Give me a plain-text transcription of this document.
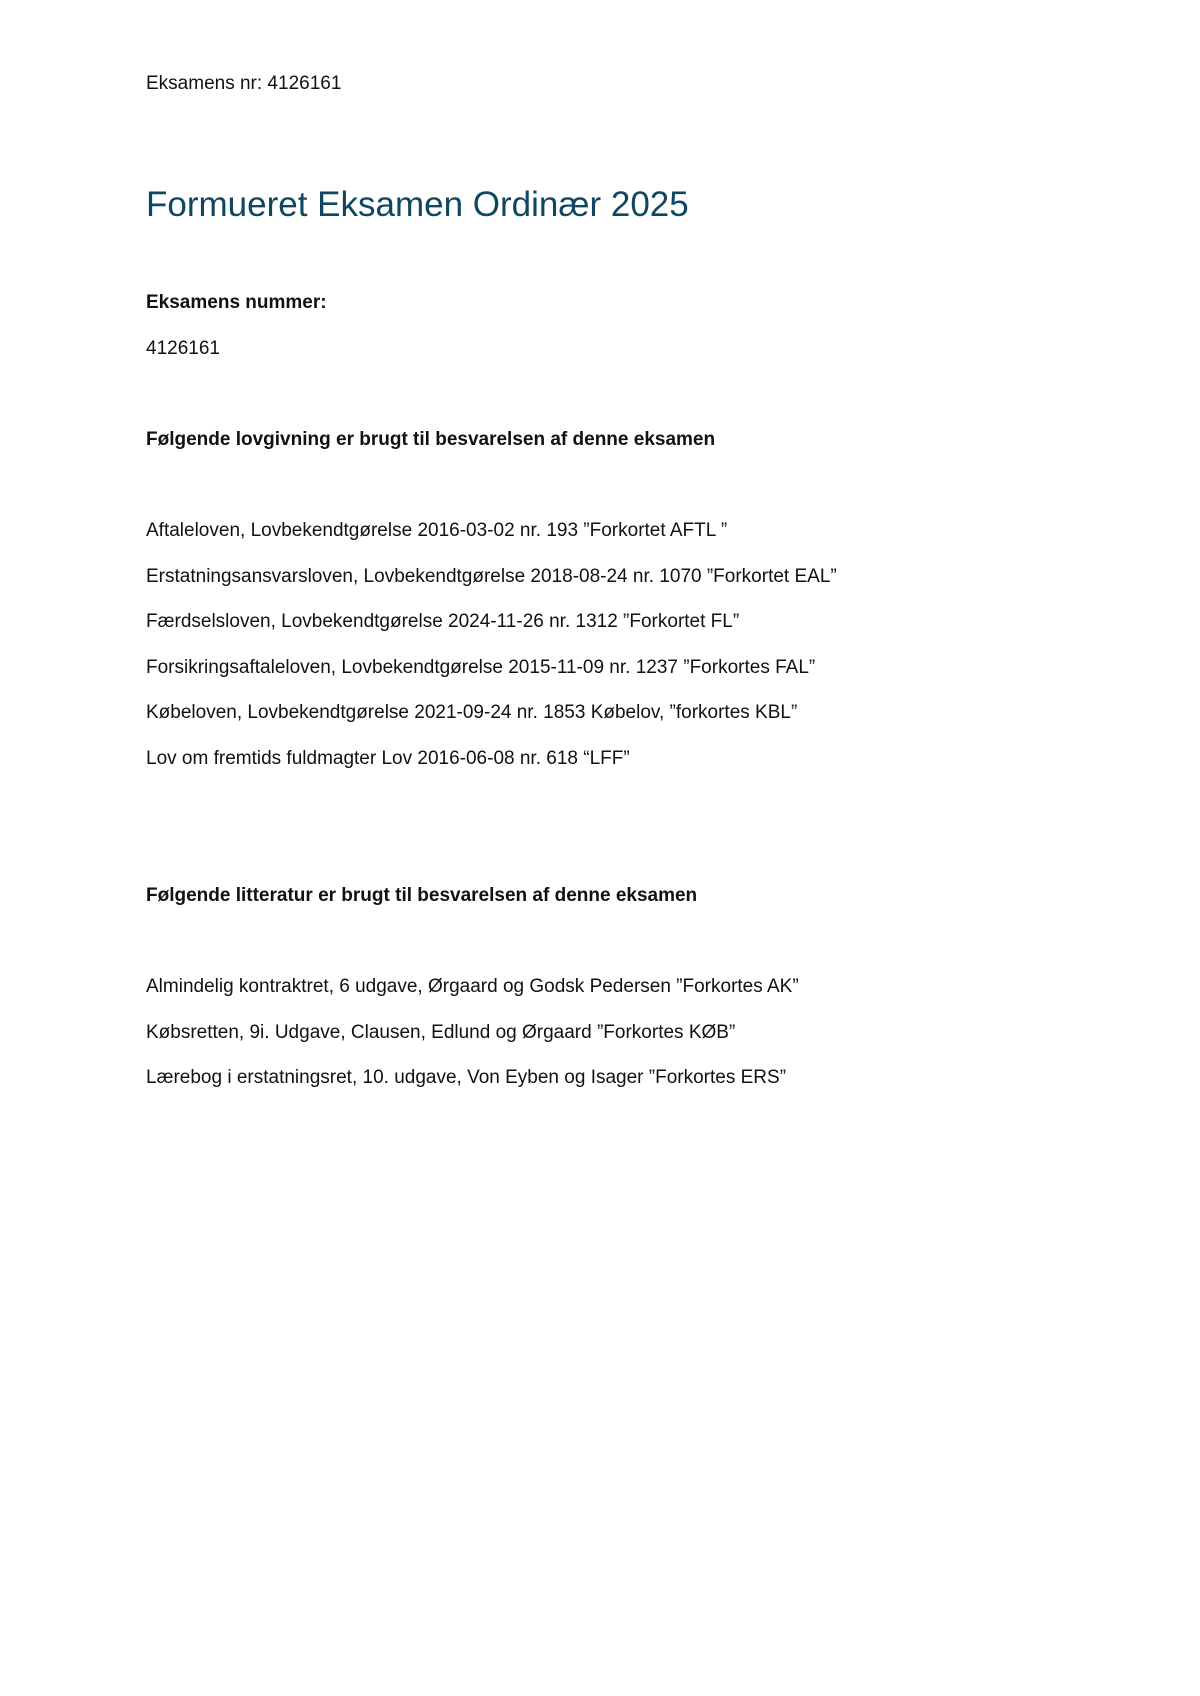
Eksamens nr: 4126161
Formueret Eksamen Ordinær 2025
Eksamens nummer:
4126161
Følgende lovgivning er brugt til besvarelsen af denne eksamen
Aftaleloven, Lovbekendtgørelse 2016-03-02 nr. 193 ”Forkortet AFTL ”
Erstatningsansvarsloven, Lovbekendtgørelse 2018-08-24 nr. 1070 ”Forkortet EAL”
Færdselsloven, Lovbekendtgørelse 2024-11-26 nr. 1312 ”Forkortet FL”
Forsikringsaftaleloven, Lovbekendtgørelse 2015-11-09 nr. 1237 ”Forkortes FAL”
Købeloven, Lovbekendtgørelse 2021-09-24 nr. 1853 Købelov, ”forkortes KBL”
Lov om fremtids fuldmagter Lov 2016-06-08 nr. 618 “LFF”
Følgende litteratur er brugt til besvarelsen af denne eksamen
Almindelig kontraktret, 6 udgave, Ørgaard og Godsk Pedersen ”Forkortes AK”
Købsretten, 9i. Udgave, Clausen, Edlund og Ørgaard ”Forkortes KØB”
Lærebog i erstatningsret, 10. udgave, Von Eyben og Isager ”Forkortes ERS”
